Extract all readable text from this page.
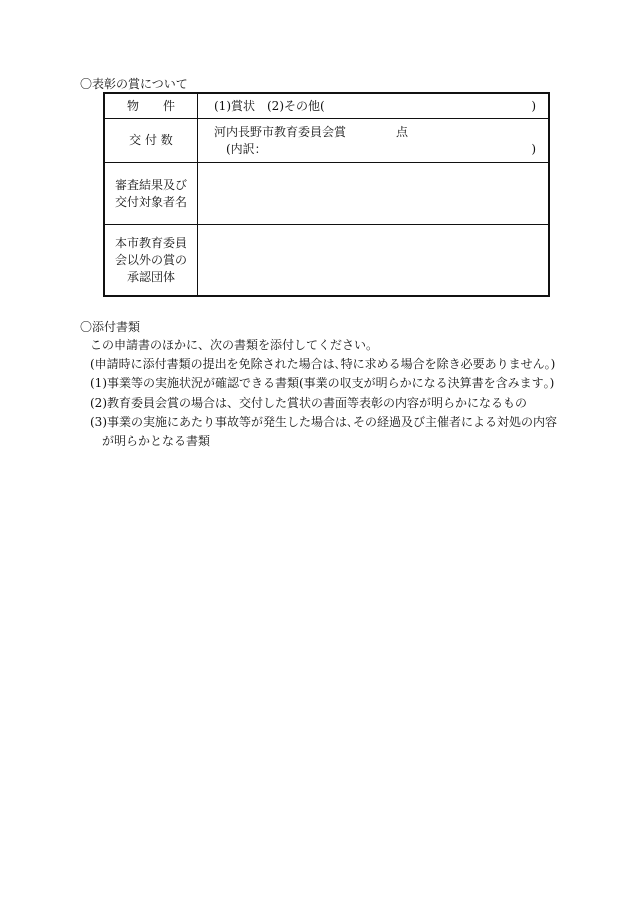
〇表彰の賞について
物　　件	(1)賞状　(2)その他( )

交 付 数	河内長野市教育委員会賞 点
(内訳： )

審査結果及び
交付対象者名	

本市教育委員
会以外の賞の
承認団体	

〇添付書類
この申請書のほかに、次の書類を添付してください。
(申請時に添付書類の提出を免除された場合は､特に求める場合を除き必要ありません｡)
(1)事業等の実施状況が確認できる書類(事業の収支が明らかになる決算書を含みます｡)
(2)教育委員会賞の場合は、交付した賞状の書面等表彰の内容が明らかになるもの
(3)事業の実施にあたり事故等が発生した場合は､その経過及び主催者による対処の内容
が明らかとなる書類
